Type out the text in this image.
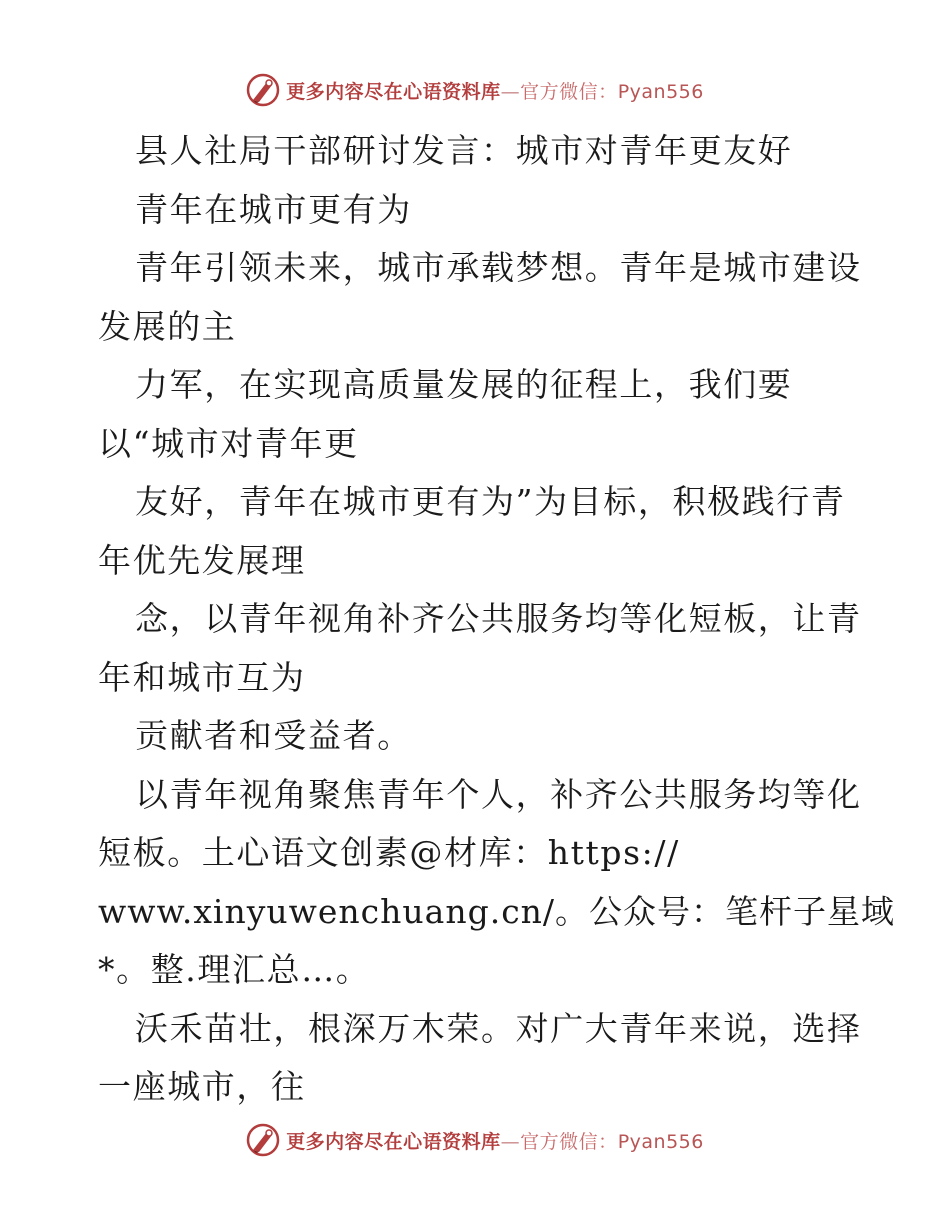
更多内容尽在心语资料库—官方微信：Pyan556
县人社局干部研讨发言：城市对青年更友好
青年在城市更有为
青年引领未来，城市承载梦想。青年是城市建设
发展的主
力军，在实现高质量发展的征程上，我们要
以“城市对青年更
友好，青年在城市更有为”为目标，积极践行青
年优先发展理
念，以青年视角补齐公共服务均等化短板，让青
年和城市互为
贡献者和受益者。
以青年视角聚焦青年个人，补齐公共服务均等化
短板。土心语文创素@材库：https://
www.xinyuwenchuang.cn/。公众号：笔杆子星域
*。整.理汇总…。
沃禾苗壮，根深万木荣。对广大青年来说，选择
一座城市，往
更多内容尽在心语资料库—官方微信：Pyan556
